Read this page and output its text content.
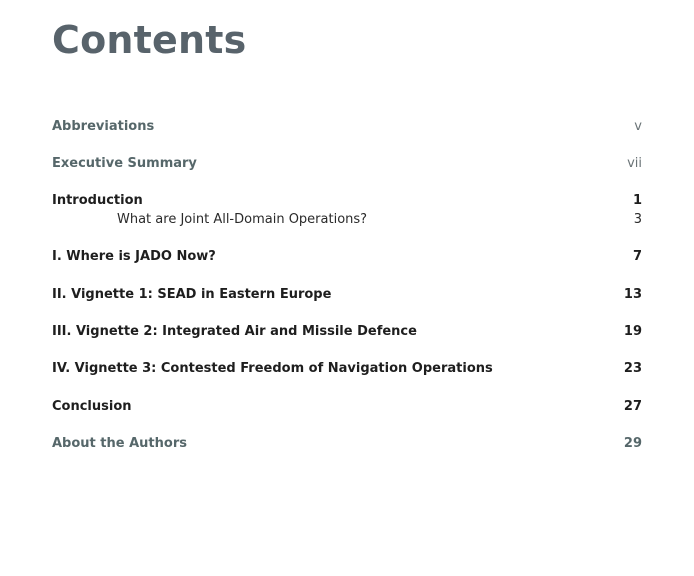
Contents
Abbreviations	v
Executive Summary	vii
Introduction	1
What are Joint All-Domain Operations?	3
I. Where is JADO Now?	7
II. Vignette 1: SEAD in Eastern Europe	13
III. Vignette 2: Integrated Air and Missile Defence	19
IV. Vignette 3: Contested Freedom of Navigation Operations	23
Conclusion	27
About the Authors	29
